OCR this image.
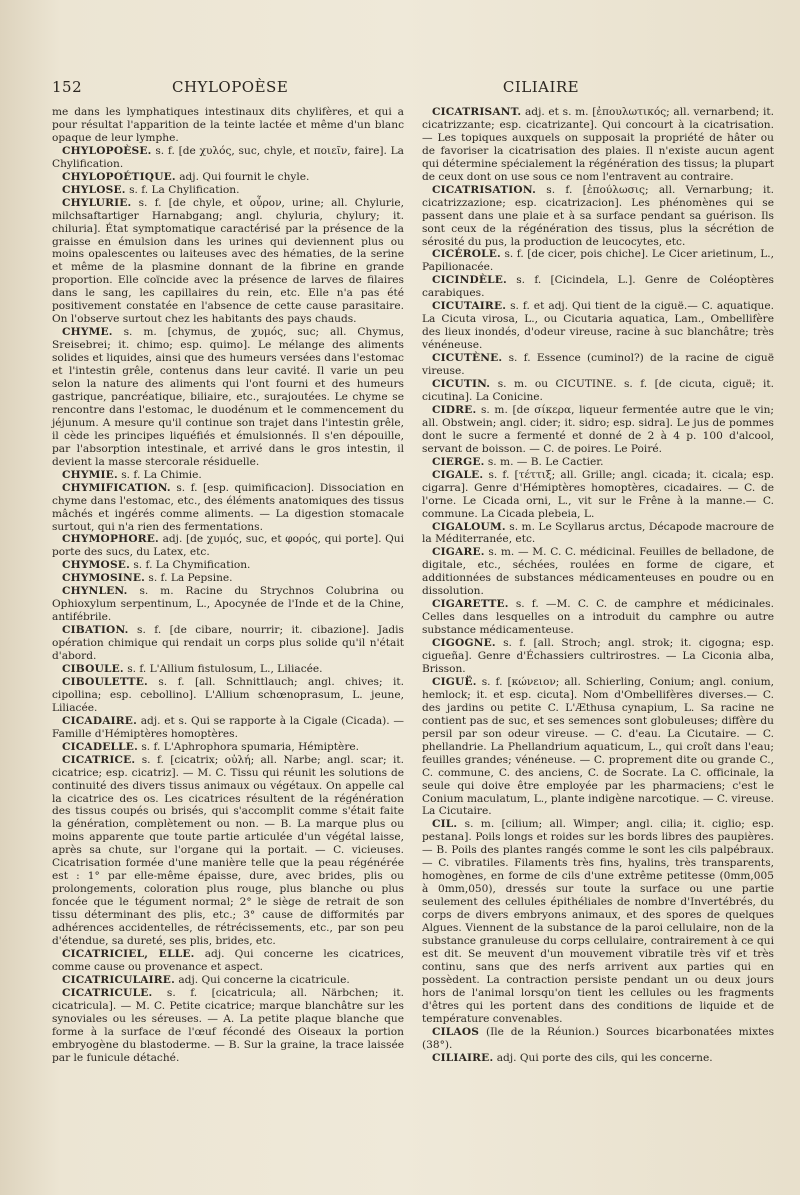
152	CHYLOPOÈSE	CILIAIRE

me dans les lymphatiques intestinaux dits chylifères, et qui a pour résultat l'apparition de la teinte lactée et même d'un blanc opaque de leur lymphe.

CHYLOPOÈSE. s. f. [de χυλός, suc, chyle, et ποιεῖν, faire]. La Chylification.

CHYLOPOÉTIQUE. adj. Qui fournit le chyle.

CHYLOSE. s. f. La Chylification.

CHYLURIE. s. f. [de chyle, et οὖρον, urine; all. Chylurie, milchsaftartiger Harnabgang; angl. chyluria, chylury; it. chiluria]. État symptomatique caractérisé par la présence de la graisse en émulsion dans les urines qui deviennent plus ou moins opalescentes ou laiteuses avec des hématies, de la serine et même de la plasmine donnant de la fibrine en grande proportion. Elle coïncide avec la présence de larves de filaires dans le sang, les capillaires du rein, etc. Elle n'a pas été positivement constatée en l'absence de cette cause parasitaire. On l'observe surtout chez les habitants des pays chauds.

CHYME. s. m. [chymus, de χυμός, suc; all. Chymus, Sreisebrei; it. chimo; esp. quimo]. Le mélange des aliments solides et liquides, ainsi que des humeurs versées dans l'estomac et l'intestin grêle, contenus dans leur cavité. Il varie un peu selon la nature des aliments qui l'ont fourni et des humeurs gastrique, pancréatique, biliaire, etc., surajoutées. Le chyme se rencontre dans l'estomac, le duodénum et le commencement du jéjunum. A mesure qu'il continue son trajet dans l'intestin grêle, il cède les principes liquéfiés et émulsionnés. Il s'en dépouille, par l'absorption intestinale, et arrivé dans le gros intestin, il devient la masse stercorale résiduelle.

CHYMIE. s. f. La Chimie.

CHYMIFICATION. s. f. [esp. quimificacion]. Dissociation en chyme dans l'estomac, etc., des éléments anatomiques des tissus mâchés et ingérés comme aliments. — La digestion stomacale surtout, qui n'a rien des fermentations.

CHYMOPHORE. adj. [de χυμός, suc, et φορός, qui porte]. Qui porte des sucs, du Latex, etc.

CHYMOSE. s. f. La Chymification.

CHYMOSINE. s. f. La Pepsine.

CHYNLEN. s. m. Racine du Strychnos Colubrina ou Ophioxylum serpentinum, L., Apocynée de l'Inde et de la Chine, antifébrile.

CIBATION. s. f. [de cibare, nourrir; it. cibazione]. Jadis opération chimique qui rendait un corps plus solide qu'il n'était d'abord.

CIBOULE. s. f. L'Allium fistulosum, L., Liliacée.

CIBOULETTE. s. f. [all. Schnittlauch; angl. chives; it. cipollina; esp. cebollino]. L'Allium schœnoprasum, L. jeune, Liliacée.

CICADAIRE. adj. et s. Qui se rapporte à la Cigale (Cicada). — Famille d'Hémiptères homoptères.

CICADELLE. s. f. L'Aphrophora spumaria, Hémiptère.

CICATRICE. s. f. [cicatrix; οὐλή; all. Narbe; angl. scar; it. cicatrice; esp. cicatriz]. — M. C. Tissu qui réunit les solutions de continuité des divers tissus animaux ou végétaux. On appelle cal la cicatrice des os. Les cicatrices résultent de la régénération des tissus coupés ou brisés, qui s'accomplit comme s'était faite la génération, complètement ou non. — B. La marque plus ou moins apparente que toute partie articulée d'un végétal laisse, après sa chute, sur l'organe qui la portait. — C. vicieuses. Cicatrisation formée d'une manière telle que la peau régénérée est : 1° par elle-même épaisse, dure, avec brides, plis ou prolongements, coloration plus rouge, plus blanche ou plus foncée que le tégument normal; 2° le siège de retrait de son tissu déterminant des plis, etc.; 3° cause de difformités par adhérences accidentelles, de rétrécissements, etc., par son peu d'étendue, sa dureté, ses plis, brides, etc.

CICATRICIEL, ELLE. adj. Qui concerne les cicatrices, comme cause ou provenance et aspect.

CICATRICULAIRE. adj. Qui concerne la cicatricule.

CICATRICULE. s. f. [cicatricula; all. Närbchen; it. cicatricula]. — M. C. Petite cicatrice; marque blanchâtre sur les synoviales ou les séreuses. — A. La petite plaque blanche que forme à la surface de l'œuf fécondé des Oiseaux la portion embryogène du blastoderme. — B. Sur la graine, la trace laissée par le funicule détaché.

CICATRISANT. adj. et s. m. [ἐπουλωτικός; all. vernarbend; it. cicatrizzante; esp. cicatrizante]. Qui concourt à la cicatrisation. — Les topiques auxquels on supposait la propriété de hâter ou de favoriser la cicatrisation des plaies. Il n'existe aucun agent qui détermine spécialement la régénération des tissus; la plupart de ceux dont on use sous ce nom l'entravent au contraire.

CICATRISATION. s. f. [ἐπούλωσις; all. Vernarbung; it. cicatrizzazione; esp. cicatrizacion]. Les phénomènes qui se passent dans une plaie et à sa surface pendant sa guérison. Ils sont ceux de la régénération des tissus, plus la sécrétion de sérosité du pus, la production de leucocytes, etc.

CICÉROLE. s. f. [de cicer, pois chiche]. Le Cicer arietinum, L., Papilionacée.

CICINDÈLE. s. f. [Cicindela, L.]. Genre de Coléoptères carabiques.

CICUTAIRE. s. f. et adj. Qui tient de la ciguë.— C. aquatique. La Cicuta virosa, L., ou Cicutaria aquatica, Lam., Ombellifère des lieux inondés, d'odeur vireuse, racine à suc blanchâtre; très vénéneuse.

CICUTÈNE. s. f. Essence (cuminol?) de la racine de ciguë vireuse.

CICUTIN. s. m. ou CICUTINE. s. f. [de cicuta, ciguë; it. cicutina]. La Conicine.

CIDRE. s. m. [de σίκερα, liqueur fermentée autre que le vin; all. Obstwein; angl. cider; it. sidro; esp. sidra]. Le jus de pommes dont le sucre a fermenté et donné de 2 à 4 p. 100 d'alcool, servant de boisson. — C. de poires. Le Poiré.

CIERGE. s. m. — B. Le Cactier.

CIGALE. s. f. [τέττιξ; all. Grille; angl. cicada; it. cicala; esp. cigarra]. Genre d'Hémiptères homoptères, cicadaires. — C. de l'orne. Le Cicada orni, L., vit sur le Frêne à la manne.— C. commune. La Cicada plebeia, L.

CIGALOUM. s. m. Le Scyllarus arctus, Décapode macroure de la Méditerranée, etc.

CIGARE. s. m. — M. C. C. médicinal. Feuilles de belladone, de digitale, etc., séchées, roulées en forme de cigare, et additionnées de substances médicamenteuses en poudre ou en dissolution.

CIGARETTE. s. f. —M. C. C. de camphre et médicinales. Celles dans lesquelles on a introduit du camphre ou autre substance médicamenteuse.

CIGOGNE. s. f. [all. Stroch; angl. strok; it. cigogna; esp. cigueña]. Genre d'Échassiers cultrirostres. — La Ciconia alba, Brisson.

CIGUË. s. f. [κώνειον; all. Schierling, Conium; angl. conium, hemlock; it. et esp. cicuta]. Nom d'Ombellifères diverses.— C. des jardins ou petite C. L'Æthusa cynapium, L. Sa racine ne contient pas de suc, et ses semences sont globuleuses; diffère du persil par son odeur vireuse. — C. d'eau. La Cicutaire. — C. phellandrie. La Phellandrium aquaticum, L., qui croît dans l'eau; feuilles grandes; vénéneuse. — C. proprement dite ou grande C., C. commune, C. des anciens, C. de Socrate. La C. officinale, la seule qui doive être employée par les pharmaciens; c'est le Conium maculatum, L., plante indigène narcotique. — C. vireuse. La Cicutaire.

CIL. s. m. [cilium; all. Wimper; angl. cilia; it. ciglio; esp. pestana]. Poils longs et roides sur les bords libres des paupières. — B. Poils des plantes rangés comme le sont les cils palpébraux. — C. vibratiles. Filaments très fins, hyalins, très transparents, homogènes, en forme de cils d'une extrême petitesse (0mm,005 à 0mm,050), dressés sur toute la surface ou une partie seulement des cellules épithéliales de nombre d'Invertébrés, du corps de divers embryons animaux, et des spores de quelques Algues. Viennent de la substance de la paroi cellulaire, non de la substance granuleuse du corps cellulaire, contrairement à ce qui est dit. Se meuvent d'un mouvement vibratile très vif et très continu, sans que des nerfs arrivent aux parties qui en possèdent. La contraction persiste pendant un ou deux jours hors de l'animal lorsqu'on tient les cellules ou les fragments d'êtres qui les portent dans des conditions de liquide et de température convenables.

CILAOS (Ile de la Réunion.) Sources bicarbonatées mixtes (38°).

CILIAIRE. adj. Qui porte des cils, qui les concerne.
